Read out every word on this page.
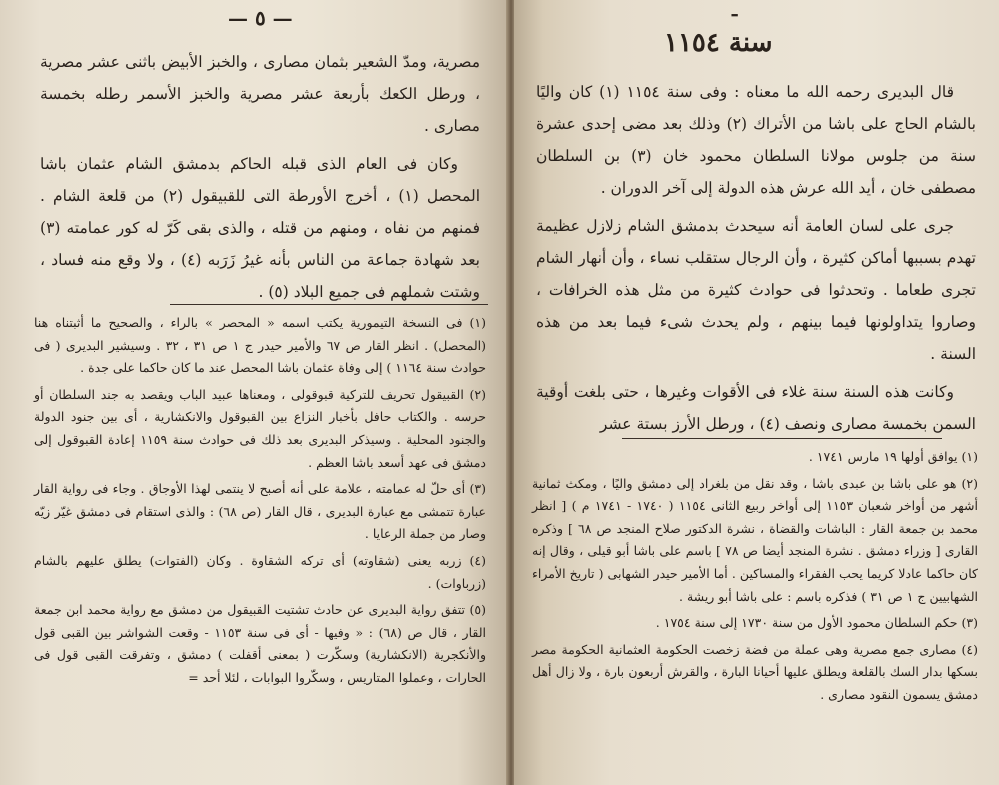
— ٥ —

مصرية، ومدّ الشعير بثمان مصارى ، والخبز الأبيض باثنى عشر مصرية ، ورطل الكعك بأربعة عشر مصرية والخبز الأسمر رطله بخمسة مصارى .

وكان فى العام الذى قبله الحاكم بدمشق الشام عثمان باشا المحصل (١) ، أخرج الأورطة التى للقبيقول (٢) من قلعة الشام . فمنهم من نفاه ، ومنهم من قتله ، والذى بقى كَرّ له كور عمامته (٣) بعد شهادة جماعة من الناس بأنه غيرُ زَرَبه (٤) ، ولا وقع منه فساد ، وشتت شملهم فى جميع البلاد (٥) .

(١) فى النسخة التيمورية يكتب اسمه « المحصر » بالراء ، والصحيح ما أثبتناه هنا (المحصل) . انظر القار ص ٦٧ والأمير حيدر ج ١ ص ٣١ ، ٣٢ . وسيشير البديرى ( فى حوادث سنة ١١٦٤ ) إلى وفاة عثمان باشا المحصل عند ما كان حاكما على جدة .

(٢) القبيقول تحريف للتركية قبوقولى ، ومعناها عبيد الباب ويقصد به جند السلطان أو حرسه . والكتاب حافل بأخبار النزاع بين القبوقول والانكشارية ، أى بين جنود الدولة والجنود المحلية . وسيذكر البديرى بعد ذلك فى حوادث سنة ١١٥٩ إعادة القبوقول إلى دمشق فى عهد أسعد باشا العظم .

(٣) أى حلّ له عمامته ، علامة على أنه أصبح لا ينتمى لهذا الأوجاق . وجاء فى رواية القار عبارة تتمشى مع عبارة البديرى ، قال القار (ص ٦٨) : والذى استقام فى دمشق غيّر زيّه وصار من جملة الرعايا .

(٤) زربه يعنى (شقاوته) أى تركه الشقاوة . وكان (الفتوات) يطلق عليهم بالشام (زرباوات) .

(٥) تتفق رواية البديرى عن حادث تشتيت القبيقول من دمشق مع رواية محمد ابن جمعة القار ، قال ص (٦٨) : « وفيها - أى فى سنة ١١٥٣ - وقعت الشواشر بين القبى قول والأنكجرية (الانكشارية) وسكّرت ( بمعنى أقفلت ) دمشق ، وتفرقت القبى قول فى الحارات ، وعملوا المتاريس ، وسكّروا البوابات ، لئلا أحد =

ـ
سنة ١١٥٤

قال البديرى رحمه الله ما معناه : وفى سنة ١١٥٤ (١) كان واليًا بالشام الحاج على باشا من الأتراك (٢) وذلك بعد مضى إحدى عشرة سنة من جلوس مولانا السلطان محمود خان (٣) بن السلطان مصطفى خان ، أيد الله عرش هذه الدولة إلى آخر الدوران .

جرى على لسان العامة أنه سيحدث بدمشق الشام زلازل عظيمة تهدم بسببها أماكن كثيرة ، وأن الرجال ستقلب نساء ، وأن أنهار الشام تجرى طعاما . وتحدثوا فى حوادث كثيرة من مثل هذه الخرافات ، وصاروا يتداولونها فيما بينهم ، ولم يحدث شىء فيما بعد من هذه السنة .

وكانت هذه السنة سنة غلاء فى الأقوات وغيرها ، حتى بلغت أوقية السمن بخمسة مصارى ونصف (٤) ، ورطل الأرز بستة عشر

(١) يوافق أولها ١٩ مارس ١٧٤١ .

(٢) هو على باشا بن عبدى باشا ، وقد نقل من بلغراد إلى دمشق واليًا ، ومكث ثمانية أشهر من أواخر شعبان ١١٥٣ إلى أواخر ربيع الثانى ١١٥٤ ( ١٧٤٠ - ١٧٤١ م ) [ انظر محمد بن جمعة القار : الباشات والقضاة ، نشرة الدكتور صلاح المنجد ص ٦٨ ] وذكره القارى [ وزراء دمشق . نشرة المنجد أيضا ص ٧٨ ] باسم على باشا أبو قيلى ، وقال إنه كان حاكما عادلا كريما يحب الفقراء والمساكين . أما الأمير حيدر الشهابى ( تاريخ الأمراء الشهابيين ج ١ ص ٣١ ) فذكره باسم : على باشا أبو ريشة .

(٣) حكم السلطان محمود الأول من سنة ١٧٣٠ إلى سنة ١٧٥٤ .

(٤) مصارى جمع مصرية وهى عملة من فضة زخصت الحكومة العثمانية الحكومة مصر بسكها بدار السك بالقلعة ويطلق عليها أحيانا البارة ، والقرش أربعون بارة ، ولا زال أهل دمشق يسمون النقود مصارى .
